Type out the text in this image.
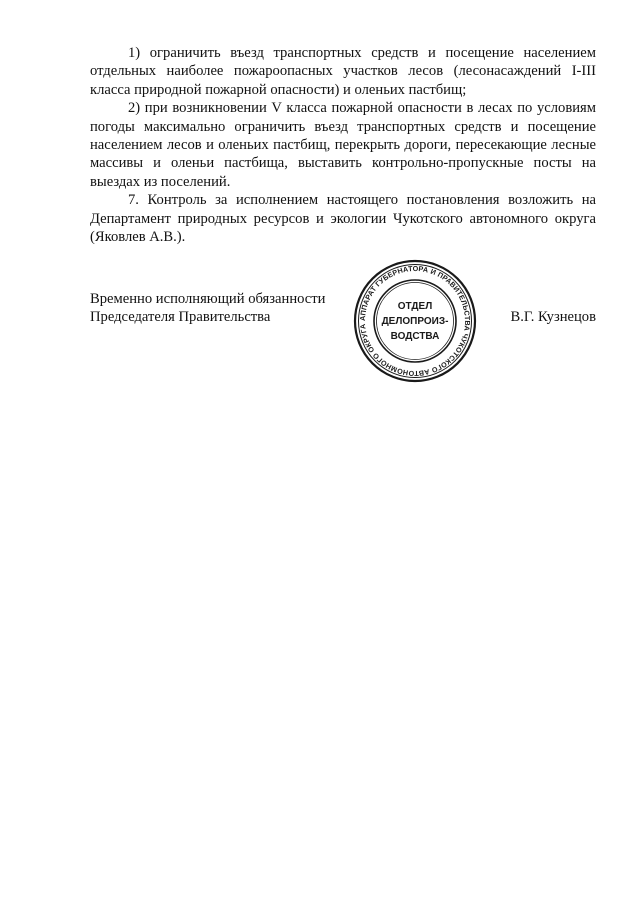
1) ограничить въезд транспортных средств и посещение населением отдельных наиболее пожароопасных участков лесов (лесонасаждений I-III класса природной пожарной опасности) и оленьих пастбищ;

2) при возникновении V класса пожарной опасности в лесах по условиям погоды максимально ограничить въезд транспортных средств и посещение населением лесов и оленьих пастбищ, перекрыть дороги, пересекающие лесные массивы и оленьи пастбища, выставить контрольно-пропускные посты на выездах из поселений.

7. Контроль за исполнением настоящего постановления возложить на Департамент природных ресурсов и экологии Чукотского автономного округа (Яковлев А.В.).

Временно исполняющий обязанности
Председателя Правительства	АППАРАТ ГУБЕРНАТОРА И ПРАВИТЕЛЬСТВА ЧУКОТСКОГО АВТОНОМНОГО ОКРУГА
ОТДЕЛ
ДЕЛОПРОИЗ-
ВОДСТВА
В.Г. Кузнецов
